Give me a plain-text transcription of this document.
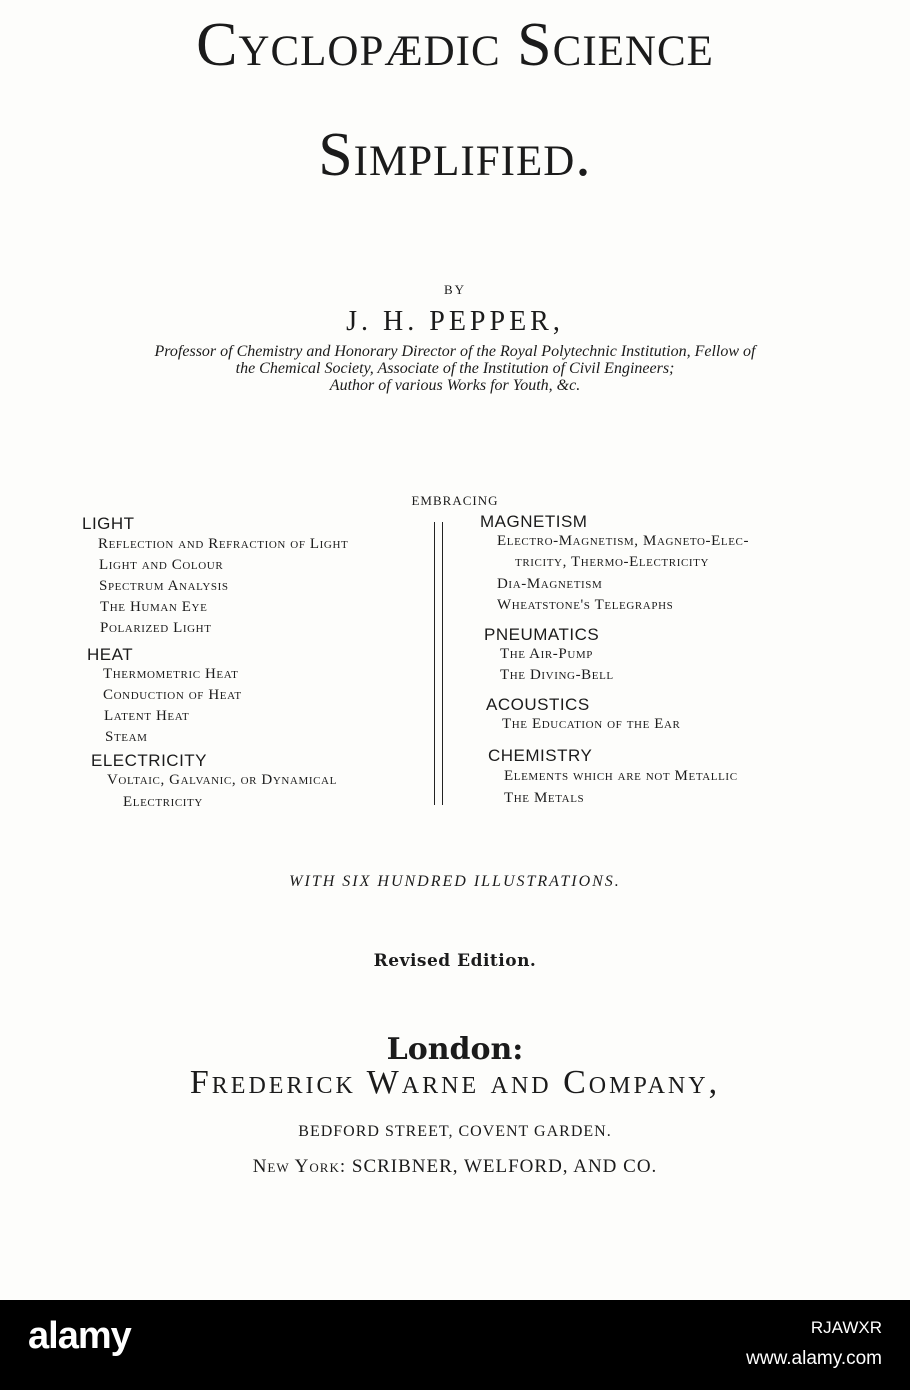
Cyclopædic Science
Simplified.
BY
J. H. PEPPER,
Professor of Chemistry and Honorary Director of the Royal Polytechnic Institution, Fellow of
the Chemical Society, Associate of the Institution of Civil Engineers;
Author of various Works for Youth, &c.
EMBRACING
LIGHT
Reflection and Refraction of Light
Light and Colour
Spectrum Analysis
The Human Eye
Polarized Light
HEAT
Thermometric Heat
Conduction of Heat
Latent Heat
Steam
ELECTRICITY
Voltaic, Galvanic, or Dynamical
Electricity
MAGNETISM
Electro-Magnetism, Magneto-Elec-
tricity, Thermo-Electricity
Dia-Magnetism
Wheatstone's Telegraphs
PNEUMATICS
The Air-Pump
The Diving-Bell
ACOUSTICS
The Education of the Ear
CHEMISTRY
Elements which are not Metallic
The Metals
WITH SIX HUNDRED ILLUSTRATIONS.
Revised Edition.
London:
Frederick Warne and Company,
BEDFORD STREET, COVENT GARDEN.
New York: SCRIBNER, WELFORD, AND CO.
alamy	RJAWXR
www.alamy.com
